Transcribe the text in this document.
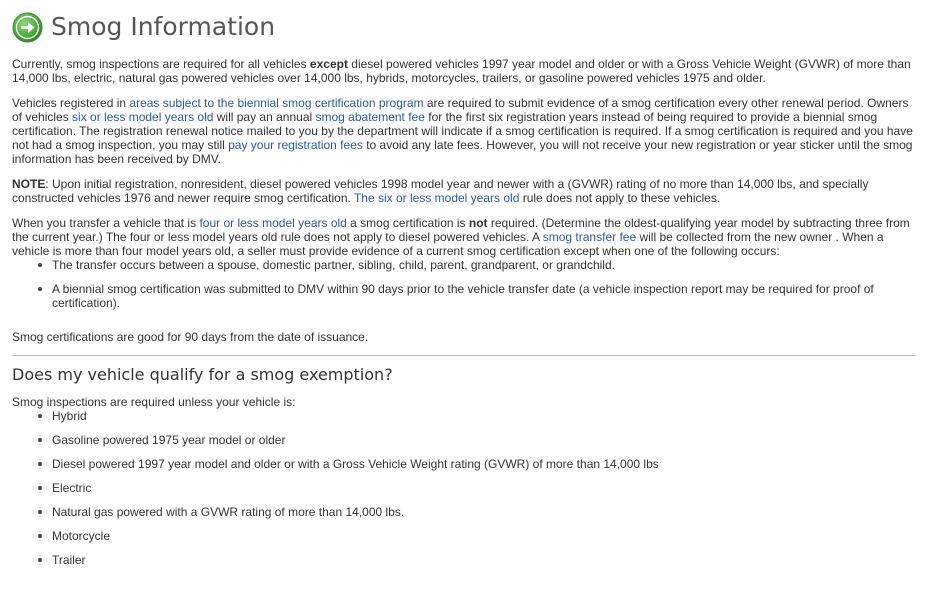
Smog Information

Currently, smog inspections are required for all vehicles except diesel powered vehicles 1997 year model and older or with a Gross Vehicle Weight (GVWR) of more than 14,000 lbs, electric, natural gas powered vehicles over 14,000 lbs, hybrids, motorcycles, trailers, or gasoline powered vehicles 1975 and older.

Vehicles registered in areas subject to the biennial smog certification program are required to submit evidence of a smog certification every other renewal period. Owners of vehicles six or less model years old will pay an annual smog abatement fee for the first six registration years instead of being required to provide a biennial smog certification. The registration renewal notice mailed to you by the department will indicate if a smog certification is required. If a smog certification is required and you have not had a smog inspection, you may still pay your registration fees to avoid any late fees. However, you will not receive your new registration or year sticker until the smog information has been received by DMV.

NOTE: Upon initial registration, nonresident, diesel powered vehicles 1998 model year and newer with a (GVWR) rating of no more than 14,000 lbs, and specially constructed vehicles 1976 and newer require smog certification. The six or less model years old rule does not apply to these vehicles.

When you transfer a vehicle that is four or less model years old a smog certification is not required. (Determine the oldest-qualifying year model by subtracting three from the current year.) The four or less model years old rule does not apply to diesel powered vehicles. A smog transfer fee will be collected from the new owner . When a vehicle is more than four model years old, a seller must provide evidence of a current smog certification except when one of the following occurs:

The transfer occurs between a spouse, domestic partner, sibling, child, parent, grandparent, or grandchild.
A biennial smog certification was submitted to DMV within 90 days prior to the vehicle transfer date (a vehicle inspection report may be required for proof of certification).

Smog certifications are good for 90 days from the date of issuance.

Does my vehicle qualify for a smog exemption?

Smog inspections are required unless your vehicle is:

Hybrid
Gasoline powered 1975 year model or older
Diesel powered 1997 year model and older or with a Gross Vehicle Weight rating (GVWR) of more than 14,000 lbs
Electric
Natural gas powered with a GVWR rating of more than 14,000 lbs.
Motorcycle
Trailer
